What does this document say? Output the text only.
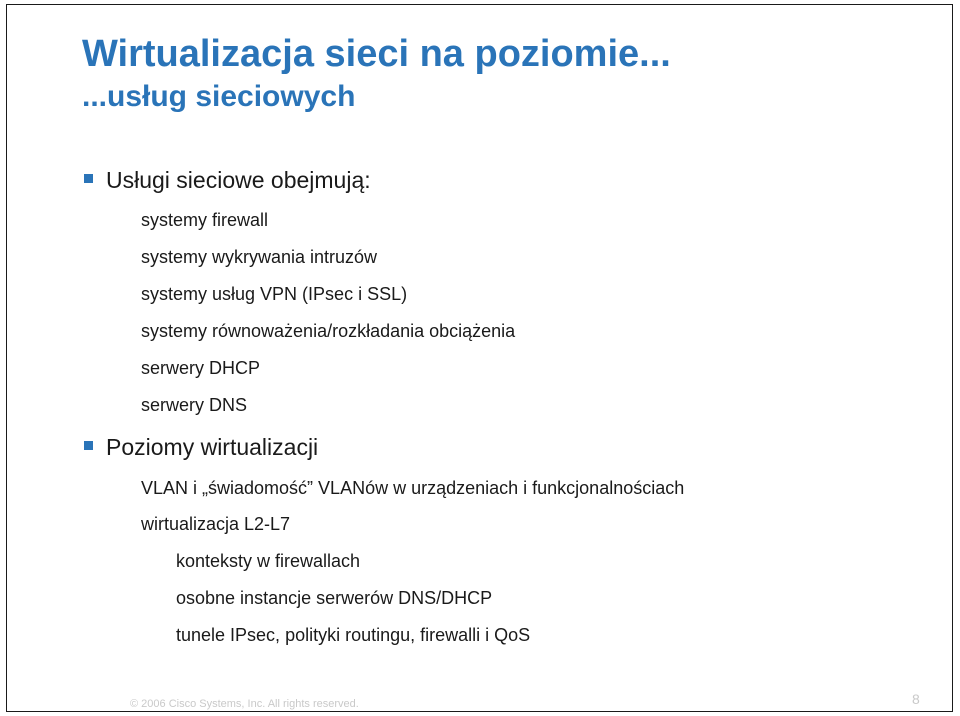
Wirtualizacja sieci na poziomie...
...usług sieciowych
Usługi sieciowe obejmują:
systemy firewall
systemy wykrywania intruzów
systemy usług VPN (IPsec i SSL)
systemy równoważenia/rozkładania obciążenia
serwery DHCP
serwery DNS
Poziomy wirtualizacji
VLAN i „świadomość” VLANów w urządzeniach i funkcjonalnościach
wirtualizacja L2-L7
konteksty w firewallach
osobne instancje serwerów DNS/DHCP
tunele IPsec, polityki routingu, firewalli i QoS
© 2006 Cisco Systems, Inc. All rights reserved.	8
